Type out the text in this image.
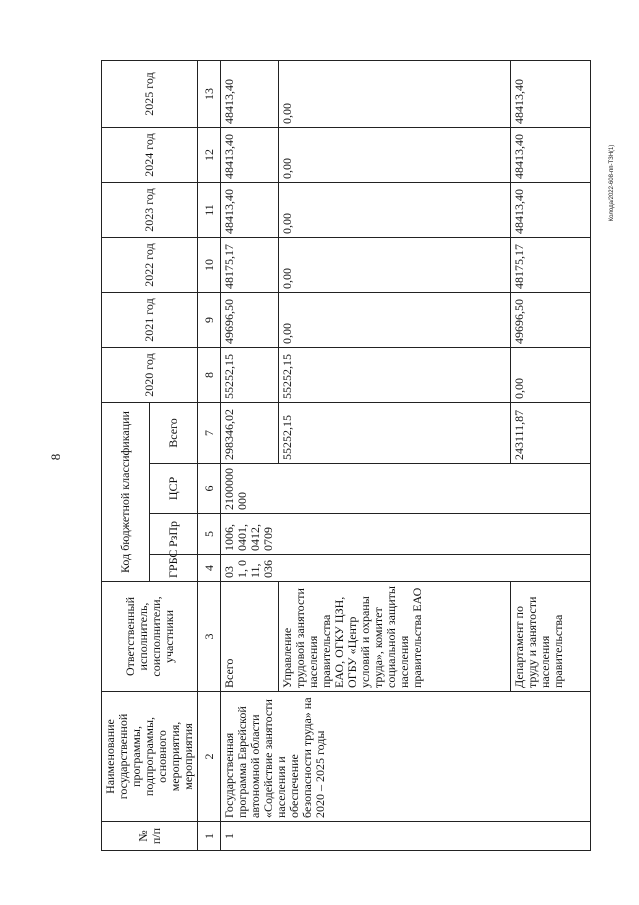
8
Колода/2022-608-пп-ТЗН(1)
№ п/п	Наименование государственной программы, подпрограммы, основного мероприятия, мероприятия	Ответственный исполнитель, соисполнители, участники	Код бюджетной классификации				2020 год	2021 год	2022 год	2023 год	2024 год	2025 год
			ГРБС	РзПр	ЦСР	Всего						
1	2	3	4	5	6	7	8	9	10	11	12	13
1	Государственная программа Еврейской автономной области «Содействие занятости населения и обеспечение безопасности труда» на 2020 – 2025 годы	Всего	031, 011, 036	1006, 0401, 0412, 0709	2100000000	298346,02	55252,15	49696,50	48175,17	48413,40	48413,40	48413,40
		Управление трудовой занятости населения правительства ЕАО, ОГКУ ЦЗН, ОГБУ «Центр условий и охраны труда», комитет социальной защиты населения правительства ЕАО				55252,15	55252,15	0,00	0,00	0,00	0,00	0,00
		Департамент по труду и занятости населения правительства				243111,87	0,00	49696,50	48175,17	48413,40	48413,40	48413,40
